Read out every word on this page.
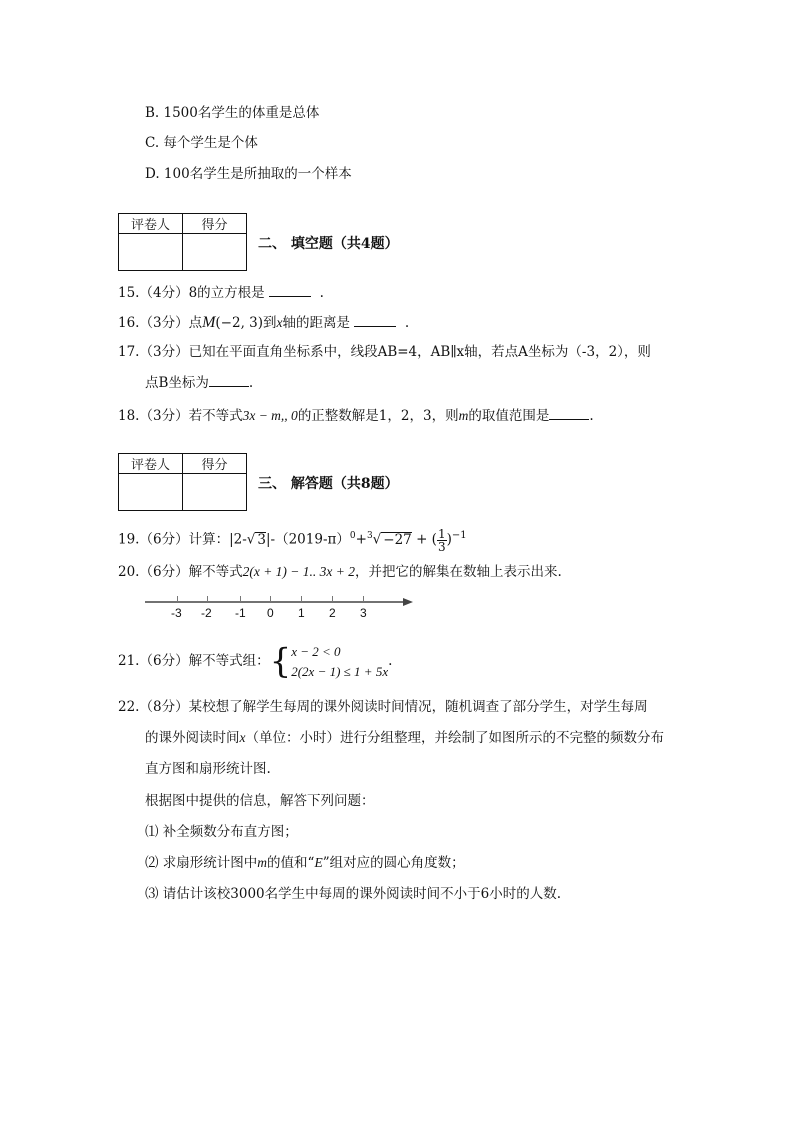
B. 1500名学生的体重是总体
C. 每个学生是个体
D. 100名学生是所抽取的一个样本
评卷人	得分

二、 填空题（共4题）
15.（4分）8的立方根是	.
16.（3分）点M(−2, 3)到x轴的距离是	.
17.（3分）已知在平面直角坐标系中，线段AB=4，AB∥x轴，若点A坐标为（-3，2），则
点B坐标为	.
18.（3分）若不等式3x − m,, 0的正整数解是1，2，3，则m的取值范围是	.
评卷人	得分

三、 解答题（共8题）
19.（6分）计算：|2-√ $3|-(2019-\pi)^0+^3√ -27$ + ( $\frac{1}{3} )^{-1}$
20.（6分）解不等式2(x + 1) − 1.. 3x + 2，并把它的解集在数轴上表示出来.
-3 -2 -1 0 1 2 3
21.（6分）解不等式组：{ x − 2 < 0
2(2x − 1) ≤ 1 + 5x
.
22.（8分）某校想了解学生每周的课外阅读时间情况，随机调查了部分学生，对学生每周
的课外阅读时间x（单位：小时）进行分组整理，并绘制了如图所示的不完整的频数分布
直方图和扇形统计图.
根据图中提供的信息，解答下列问题：
⑴ 补全频数分布直方图；
⑵ 求扇形统计图中m的值和“E”组对应的圆心角度数；
⑶ 请估计该校3000名学生中每周的课外阅读时间不小于6小时的人数.
